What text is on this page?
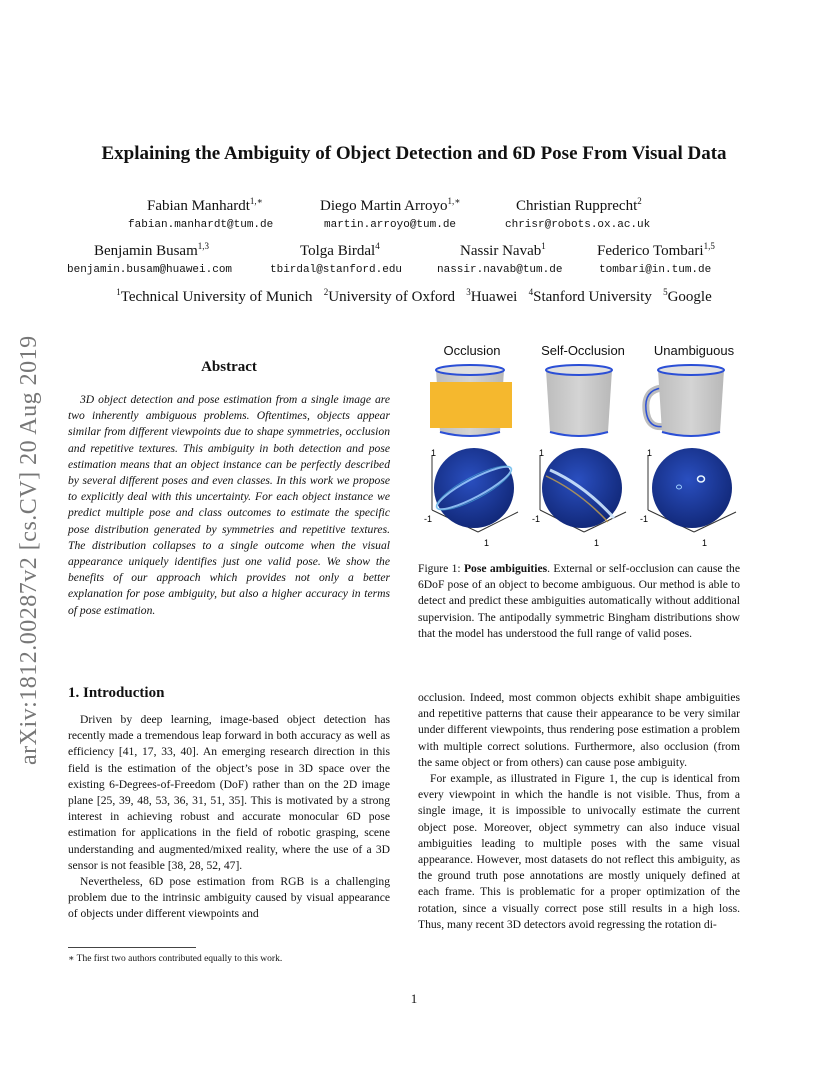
arXiv:1812.00287v2 [cs.CV] 20 Aug 2019
Explaining the Ambiguity of Object Detection and 6D Pose From Visual Data
Fabian Manhardt$^{1,∗}$
fabian.manhardt@tum.de
Diego Martin Arroyo$^{1,∗}$
martin.arroyo@tum.de
Christian Rupprecht$^2$
chrisr@robots.ox.ac.uk
Benjamin Busam$^{1,3}$
benjamin.busam@huawei.com
Tolga Birdal$^4$
tbirdal@stanford.edu
Nassir Navab$^1$
nassir.navab@tum.de
Federico Tombari$^{1,5}$
tombari@in.tum.de
$^1$Technical University of Munich $^2$University of Oxford $^3$Huawei $^4$Stanford University $^5$Google
Abstract
3D object detection and pose estimation from a single image are two inherently ambiguous problems. Oftentimes, objects appear similar from different viewpoints due to shape symmetries, occlusion and repetitive textures. This ambiguity in both detection and pose estimation means that an object instance can be perfectly described by several different poses and even classes. In this work we propose to explicitly deal with this uncertainty. For each object instance we predict multiple pose and class outcomes to estimate the specific pose distribution generated by symmetries and repetitive textures. The distribution collapses to a single outcome when the visual appearance uniquely identifies just one valid pose. We show the benefits of our approach which provides not only a better explanation for pose ambiguity, but also a higher accuracy in terms of pose estimation.
Occlusion	Self-Occlusion	Unambiguous
1
-1
1
1
-1
1
1
-1
1
Figure 1: Pose ambiguities. External or self-occlusion can cause the 6DoF pose of an object to become ambiguous. Our method is able to detect and predict these ambiguities automatically without additional supervision. The antipodally symmetric Bingham distributions show that the model has understood the full range of valid poses.
1. Introduction

Driven by deep learning, image-based object detection has recently made a tremendous leap forward in both accuracy as well as efficiency [41, 17, 33, 40]. An emerging research direction in this field is the estimation of the object’s pose in 3D space over the existing 6-Degrees-of-Freedom (DoF) rather than on the 2D image plane [25, 39, 48, 53, 36, 31, 51, 35]. This is motivated by a strong interest in achieving robust and accurate monocular 6D pose estimation for applications in the field of robotic grasping, scene understanding and augmented/mixed reality, where the use of a 3D sensor is not feasible [38, 28, 52, 47].

Nevertheless, 6D pose estimation from RGB is a challenging problem due to the intrinsic ambiguity caused by visual appearance of objects under different viewpoints and

occlusion. Indeed, most common objects exhibit shape ambiguities and repetitive patterns that cause their appearance to be very similar under different viewpoints, thus rendering pose estimation a problem with multiple correct solutions. Furthermore, also occlusion (from the same object or from others) can cause pose ambiguity.

For example, as illustrated in Figure 1, the cup is identical from every viewpoint in which the handle is not visible. Thus, from a single image, it is impossible to univocally estimate the current object pose. Moreover, object symmetry can also induce visual ambiguities leading to multiple poses with the same visual appearance. However, most datasets do not reflect this ambiguity, as the ground truth pose annotations are mostly uniquely defined at each frame. This is problematic for a proper optimization of the rotation, since a visually correct pose still results in a high loss. Thus, many recent 3D detectors avoid regressing the rotation di-

∗ The first two authors contributed equally to this work.
1
